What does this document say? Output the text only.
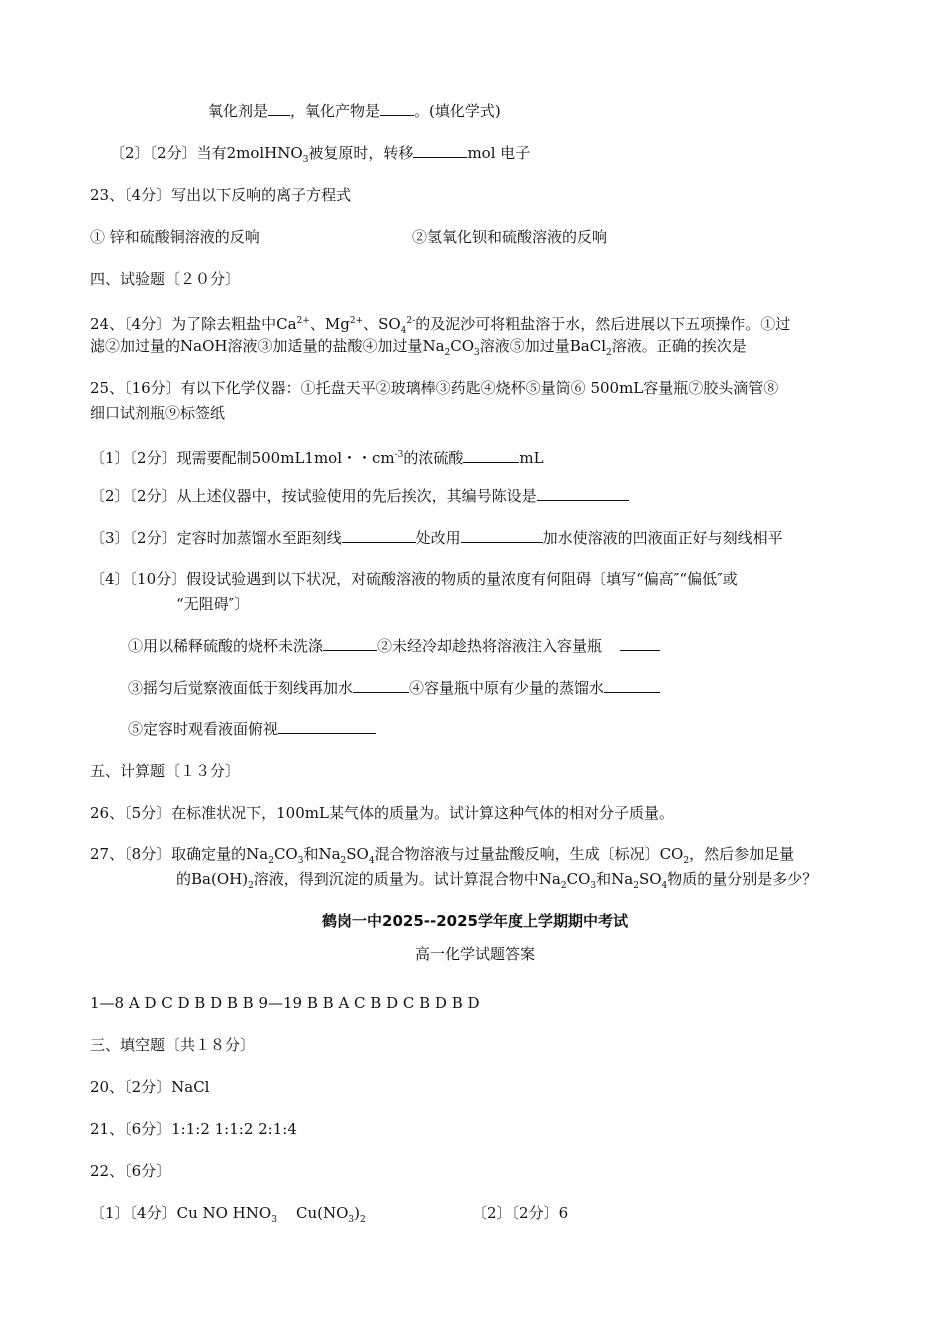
氧化剂是 ，氧化产物是 。(填化学式)
〔2〕〔2分〕当有2molHNO$_3$被复原时，转移	mol 电子
23、〔4分〕写出以下反响的离子方程式
① 锌和硫酸铜溶液的反响	②氢氧化钡和硫酸溶液的反响
四、试验题〔２０分〕
24、〔4分〕为了除去粗盐中$Ca^{2+}$、$Mg^{2+}$、$SO_4^{2-}$的及泥沙可将粗盐溶于水，然后进展以下五项操作。①过
滤②加过量的NaOH溶液③加适量的盐酸④加过量$Na_2CO_3$溶液⑤加过量BaCl$_2$溶液。正确的挨次是
25、〔16分〕有以下化学仪器：①托盘天平②玻璃棒③药匙④烧杯⑤量筒⑥ 500mL容量瓶⑦胶头滴管⑧
细口试剂瓶⑨标签纸
〔1〕〔2分〕现需要配制500mL1mol・・$cm^{-3}$的浓硫酸	mL
〔2〕〔2分〕从上述仪器中，按试验使用的先后挨次，其编号陈设是
〔3〕〔2分〕定容时加蒸馏水至距刻线	处改用	加水使溶液的凹液面正好与刻线相平
〔4〕〔10分〕假设试验遇到以下状况，对硫酸溶液的物质的量浓度有何阻碍〔填写“偏高″“偏低″或
“无阻碍″〕
①用以稀释硫酸的烧杯未洗涤	②未经冷却趁热将溶液注入容量瓶
③摇匀后觉察液面低于刻线再加水	④容量瓶中原有少量的蒸馏水
⑤定容时观看液面俯视
五、计算题〔１３分〕
26、〔5分〕在标准状况下，100mL某气体的质量为。试计算这种气体的相对分子质量。
27、〔8分〕取确定量的$Na_2CO_3$和$Na_2SO_4$混合物溶液与过量盐酸反响，生成〔标况〕$CO_2$，然后参加足量
的$Ba(OH)_2$溶液，得到沉淀的质量为。试计算混合物中$Na_2CO_3$和$Na_2SO_4$物质的量分别是多少？
鹤岗一中2025--2025学年度上学期期中考试
高一化学试题答案
1—8 A D C D B D B B 9—19 B B A C B D C B D B D
三、填空题〔共１８分〕
20、〔2分〕NaCl
21、〔6分〕1:1:2 1:1:2 2:1:4
22、〔6分〕
〔1〕〔4分〕Cu NO $HNO_3$    $Cu(NO_3)_2$	〔2〕〔2分〕6
